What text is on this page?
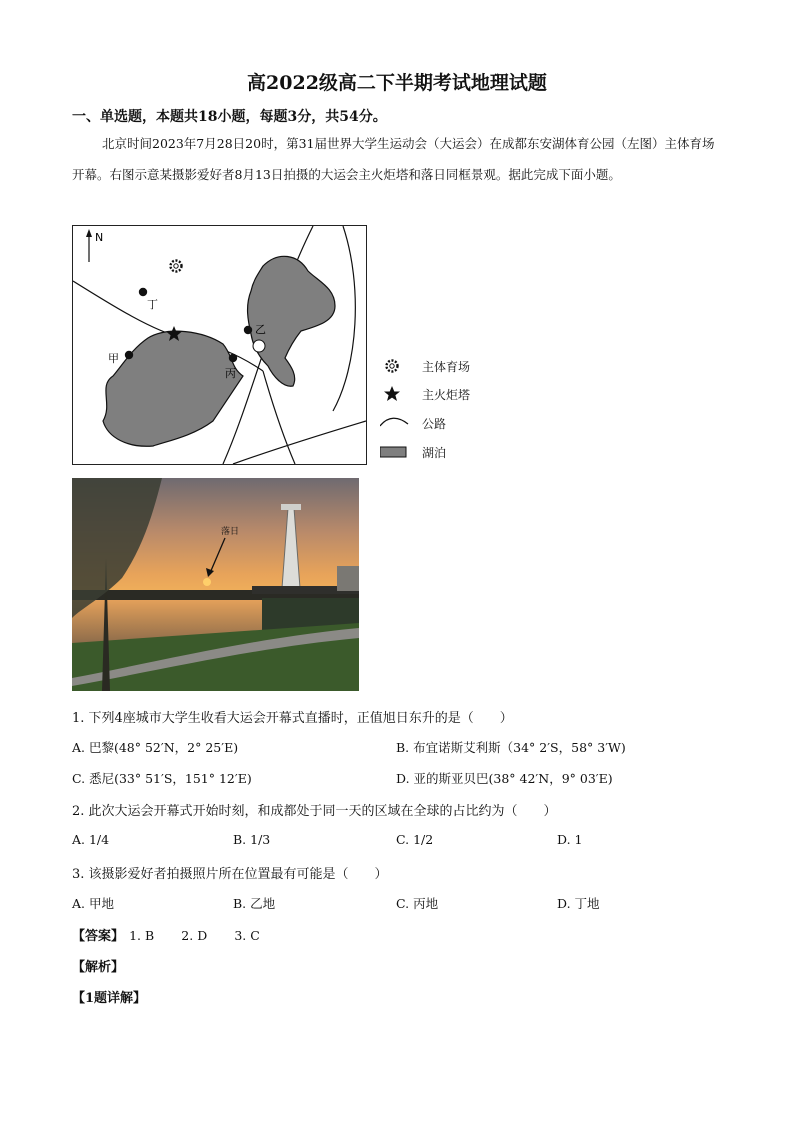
高2022级高二下半期考试地理试题
一、单选题，本题共18小题，每题3分，共54分。
北京时间2023年7月28日20时，第31届世界大学生运动会（大运会）在成都东安湖体育公园（左图）主体育场开幕。右图示意某摄影爱好者8月13日拍摄的大运会主火炬塔和落日同框景观。据此完成下面小题。
N
丁
甲
乙
丙	主体育场
主火炬塔
公路
湖泊
落日
1. 下列4座城市大学生收看大运会开幕式直播时，正值旭日东升的是（　　）
A. 巴黎(48° 52′N，2° 25′E)	B. 布宜诺斯艾利斯（34° 2′S，58° 3′W)
C. 悉尼(33° 51′S，151° 12′E)	D. 亚的斯亚贝巴(38° 42′N，9° 03′E)
2. 此次大运会开幕式开始时刻，和成都处于同一天的区域在全球的占比约为（　　）
A. 1/4	B. 1/3	C. 1/2	D. 1
3. 该摄影爱好者拍摄照片所在位置最有可能是（　　）
A. 甲地	B. 乙地	C. 丙地	D. 丁地
【答案】 1. B 2. D 3. C
【解析】
【1题详解】
